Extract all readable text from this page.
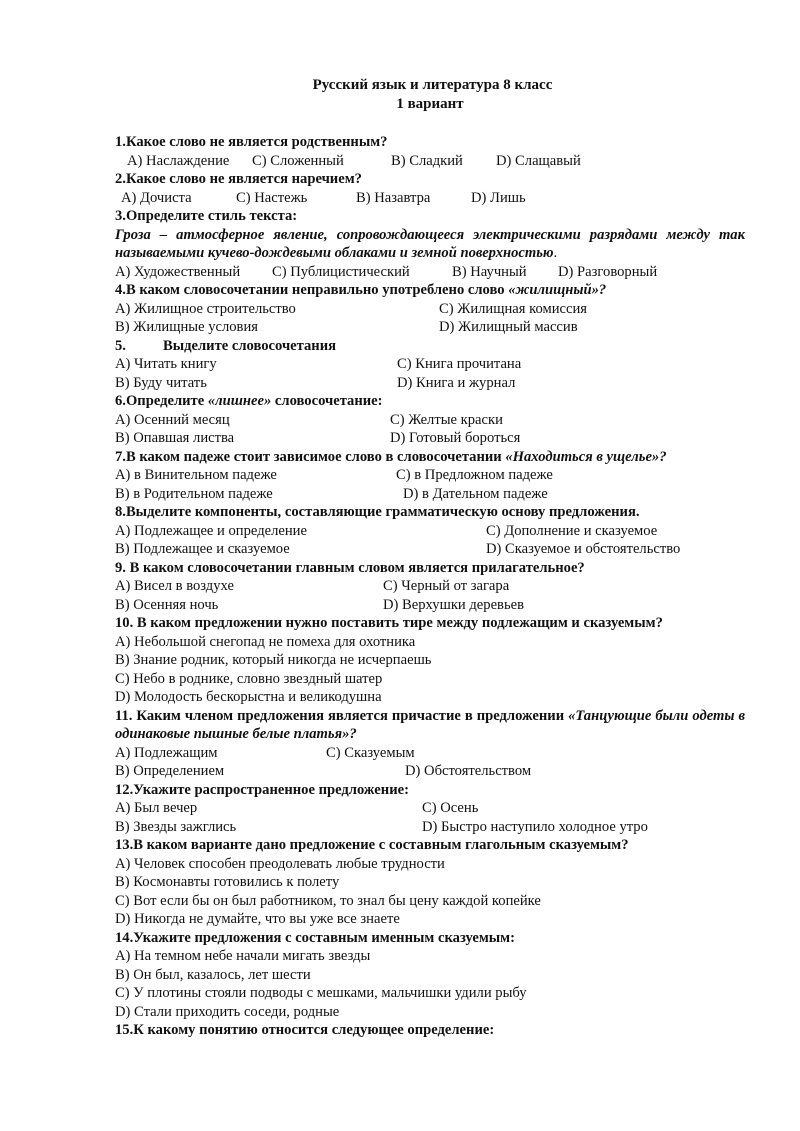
Русский язык и литература 8 класс
1 вариант
1.Какое слово не является родственным?
А) Наслаждение С) Сложенный	В) Сладкий D) Слащавый
2.Какое слово не является наречием?
А) Дочиста	С) Настежь	В) Назавтра	D) Лишь
3.Определите стиль текста:
Гроза – атмосферное явление, сопровождающееся электрическими разрядами между так называемыми кучево-дождевыми облаками и земной поверхностью.
А) Художественный С) Публицистический	В) Научный D) Разговорный
4.В каком словосочетании неправильно употреблено слово «жилищный»?
А) Жилищное строительство	С) Жилищная комиссия
В) Жилищные условия	D) Жилищный массив
5.	Выделите словосочетания
А) Читать книгу	С) Книга прочитана
В) Буду читать	D) Книга и журнал
6.Определите «лишнее» словосочетание:
А) Осенний месяц	С) Желтые краски
В) Опавшая листва	D) Готовый бороться
7.В каком падеже стоит зависимое слово в словосочетании «Находиться в ущелье»?
А) в Винительном падеже	С) в Предложном падеже
В) в Родительном падеже	D) в Дательном падеже
8.Выделите компоненты, составляющие грамматическую основу предложения.
А) Подлежащее и определение	С) Дополнение и сказуемое
В) Подлежащее и сказуемое	D) Сказуемое и обстоятельство
9. В каком словосочетании главным словом является прилагательное?
А) Висел в воздухе	С) Черный от загара
В) Осенняя ночь	D) Верхушки деревьев
10. В каком предложении нужно поставить тире между подлежащим и сказуемым?
А) Небольшой снегопад не помеха для охотника
В) Знание родник, который никогда не исчерпаешь
С) Небо в роднике, словно звездный шатер
D) Молодость бескорыстна и великодушна
11. Каким членом предложения является причастие в предложении «Танцующие были одеты в одинаковые пышные белые платья»?
А) Подлежащим	С) Сказуемым
В) Определением	D) Обстоятельством
12.Укажите распространенное предложение:
А) Был вечер	С) Осень
В) Звезды зажглись	D) Быстро наступило холодное утро
13.В каком варианте дано предложение с составным глагольным сказуемым?
А) Человек способен преодолевать любые трудности
В) Космонавты готовились к полету
С) Вот если бы он был работником, то знал бы цену каждой копейке
D) Никогда не думайте, что вы уже все знаете
14.Укажите предложения с составным именным сказуемым:
А) На темном небе начали мигать звезды
В) Он был, казалось, лет шести
С) У плотины стояли подводы с мешками, мальчишки удили рыбу
D) Стали приходить соседи, родные
15.К какому понятию относится следующее определение:
